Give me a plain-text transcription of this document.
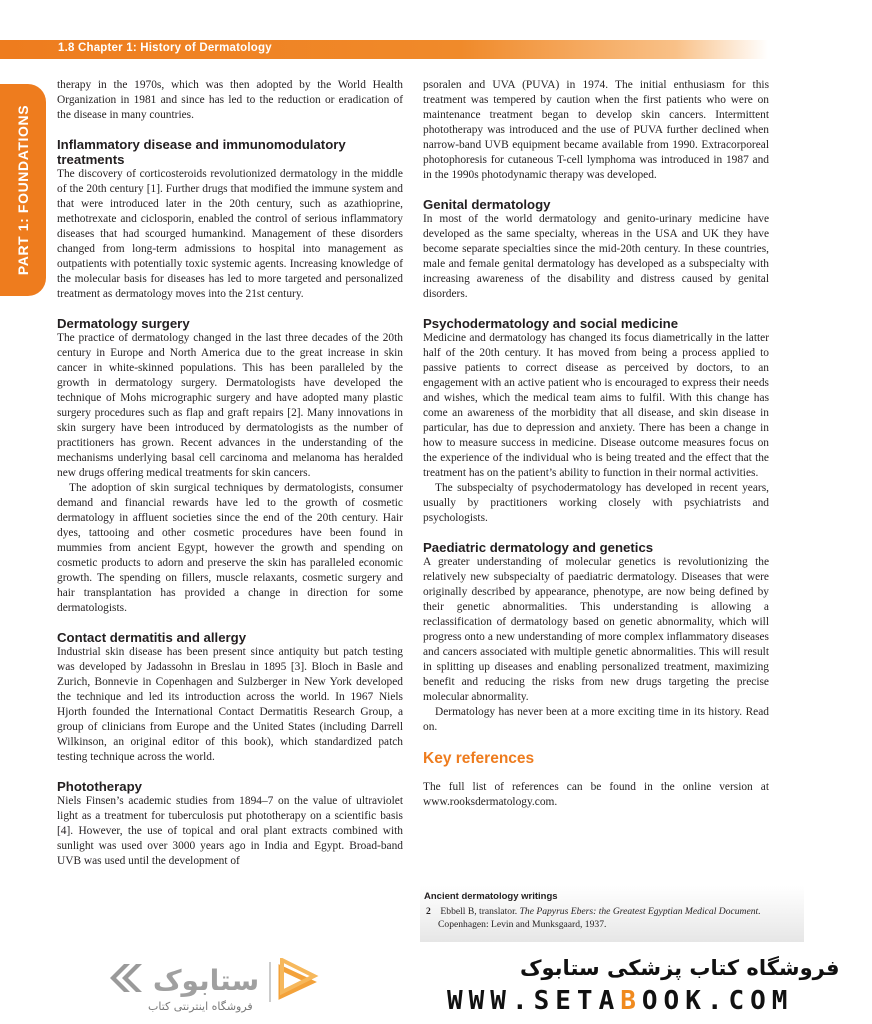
1.8 Chapter 1: History of Dermatology
PART 1: FOUNDATIONS

therapy in the 1970s, which was then adopted by the World Health Organization in 1981 and since has led to the reduction or eradication of the disease in many countries.

Inflammatory disease and immunomodulatory treatments

The discovery of corticosteroids revolutionized dermatology in the middle of the 20th century [1]. Further drugs that modified the immune system and that were introduced later in the 20th century, such as azathioprine, methotrexate and ciclosporin, enabled the control of serious inflammatory diseases that had scourged humankind. Management of these disorders changed from long-term admissions to hospital into management as outpatients with potentially toxic systemic agents. Increasing knowledge of the molecular basis for diseases has led to more targeted and personalized treatment as dermatology moves into the 21st century.

Dermatology surgery

The practice of dermatology changed in the last three decades of the 20th century in Europe and North America due to the great increase in skin cancer in white-skinned populations. This has been paralleled by the growth in dermatology surgery. Dermatologists have developed the technique of Mohs micrographic surgery and have adopted many plastic surgery procedures such as flap and graft repairs [2]. Many innovations in skin surgery have been introduced by dermatologists as the number of practitioners has grown. Recent advances in the understanding of the mechanisms underlying basal cell carcinoma and melanoma has heralded new drugs offering medical treatments for skin cancers.

The adoption of skin surgical techniques by dermatologists, consumer demand and financial rewards have led to the growth of cosmetic dermatology in affluent societies since the end of the 20th century. Hair dyes, tattooing and other cosmetic procedures have been found in mummies from ancient Egypt, however the growth and spending on cosmetic products to adorn and preserve the skin has paralleled economic growth. The spending on fillers, muscle relaxants, cosmetic surgery and hair transplantation has provided a change in direction for some dermatologists.

Contact dermatitis and allergy

Industrial skin disease has been present since antiquity but patch testing was developed by Jadassohn in Breslau in 1895 [3]. Bloch in Basle and Zurich, Bonnevie in Copenhagen and Sulzberger in New York developed the technique and led its introduction across the world. In 1967 Niels Hjorth founded the International Contact Dermatitis Research Group, a group of clinicians from Europe and the United States (including Darrell Wilkinson, an original editor of this book), which standardized patch testing technique across the world.

Phototherapy

Niels Finsen’s academic studies from 1894–7 on the value of ultraviolet light as a treatment for tuberculosis put phototherapy on a scientific basis [4]. However, the use of topical and oral plant extracts combined with sunlight was used over 3000 years ago in India and Egypt. Broad-band UVB was used until the development of

psoralen and UVA (PUVA) in 1974. The initial enthusiasm for this treatment was tempered by caution when the first patients who were on maintenance treatment began to develop skin cancers. Intermittent phototherapy was introduced and the use of PUVA further declined when narrow-band UVB equipment became available from 1990. Extracorporeal photophoresis for cutaneous T-cell lymphoma was introduced in 1987 and in the 1990s photodynamic therapy was developed.

Genital dermatology

In most of the world dermatology and genito-urinary medicine have developed as the same specialty, whereas in the USA and UK they have become separate specialties since the mid-20th century. In these countries, male and female genital dermatology has developed as a subspecialty with increasing awareness of the disability and distress caused by genital disorders.

Psychodermatology and social medicine

Medicine and dermatology has changed its focus diametrically in the latter half of the 20th century. It has moved from being a process applied to passive patients to correct disease as perceived by doctors, to an engagement with an active patient who is encouraged to express their needs and wishes, which the medical team aims to fulfil. With this change has come an awareness of the morbidity that all disease, and skin disease in particular, has due to depression and anxiety. There has been a change in how to measure success in medicine. Disease outcome measures focus on the experience of the individual who is being treated and the effect that the treatment has on the patient’s ability to function in their normal activities.

The subspecialty of psychodermatology has developed in recent years, usually by practitioners working closely with psychiatrists and psychologists.

Paediatric dermatology and genetics

A greater understanding of molecular genetics is revolutionizing the relatively new subspecialty of paediatric dermatology. Diseases that were originally described by appearance, phenotype, are now being defined by their genetic abnormalities. This understanding is allowing a reclassification of dermatology based on genetic abnormality, which will progress onto a new understanding of more complex inflammatory diseases and cancers associated with multiple genetic abnormalities. This will result in splitting up diseases and enabling personalized treatment, maximizing benefit and reducing the risks from new drugs targeting the precise molecular abnormality.

Dermatology has never been at a more exciting time in its history. Read on.

Key references

The full list of references can be found in the online version at www.rooksdermatology.com.

Ancient dermatology writings
2 Ebbell B, translator. The Papyrus Ebers: the Greatest Egyptian Medical Document.
Copenhagen: Levin and Munksgaard, 1937.
ستابوک
فروشگاه اینترنتی کتاب
فروشگاه کتاب پزشکی ستابوک
WWW.SETABOOK.COM
